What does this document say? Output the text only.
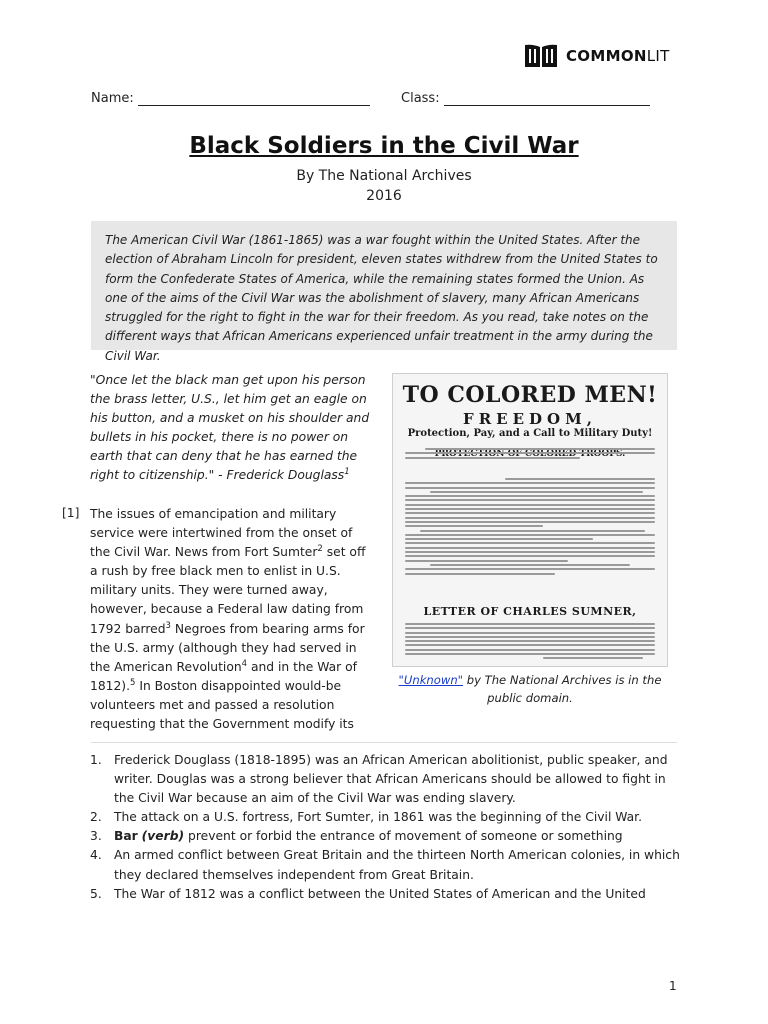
COMMONLIT
Name:	Class:
Black Soldiers in the Civil War
By The National Archives
2016

The American Civil War (1861-1865) was a war fought within the United States. After the election of Abraham Lincoln for president, eleven states withdrew from the United States to form the Confederate States of America, while the remaining states formed the Union. As one of the aims of the Civil War was the abolishment of slavery, many African Americans struggled for the right to fight in the war for their freedom. As you read, take notes on the different ways that African Americans experienced unfair treatment in the army during the Civil War.

"Once let the black man get upon his person the brass letter, U.S., let him get an eagle on his button, and a musket on his shoulder and bullets in his pocket, there is no power on earth that can deny that he has earned the right to citizenship." - Frederick Douglass$^1$

[1] The issues of emancipation and military service were intertwined from the onset of the Civil War. News from Fort Sumter$^2$ set off a rush by free black men to enlist in U.S. military units. They were turned away, however, because a Federal law dating from 1792 barred$^3$ Negroes from bearing arms for the U.S. army (although they had served in the American Revolution$^4$ and in the War of 1812).$^5$ In Boston disappointed would-be volunteers met and passed a resolution requesting that the Government modify its

TO COLORED MEN!
FREEDOM,
Protection, Pay, and a Call to Military Duty!
LETTER OF CHARLES SUMNER,

"Unknown" by The National Archives is in the public domain.

1. Frederick Douglass (1818-1895) was an African American abolitionist, public speaker, and writer. Douglas was a strong believer that African Americans should be allowed to fight in the Civil War because an aim of the Civil War was ending slavery.
2. The attack on a U.S. fortress, Fort Sumter, in 1861 was the beginning of the Civil War.
3. Bar (verb) prevent or forbid the entrance of movement of someone or something
4. An armed conflict between Great Britain and the thirteen North American colonies, in which they declared themselves independent from Great Britain.
5. The War of 1812 was a conflict between the United States of American and the United
1
